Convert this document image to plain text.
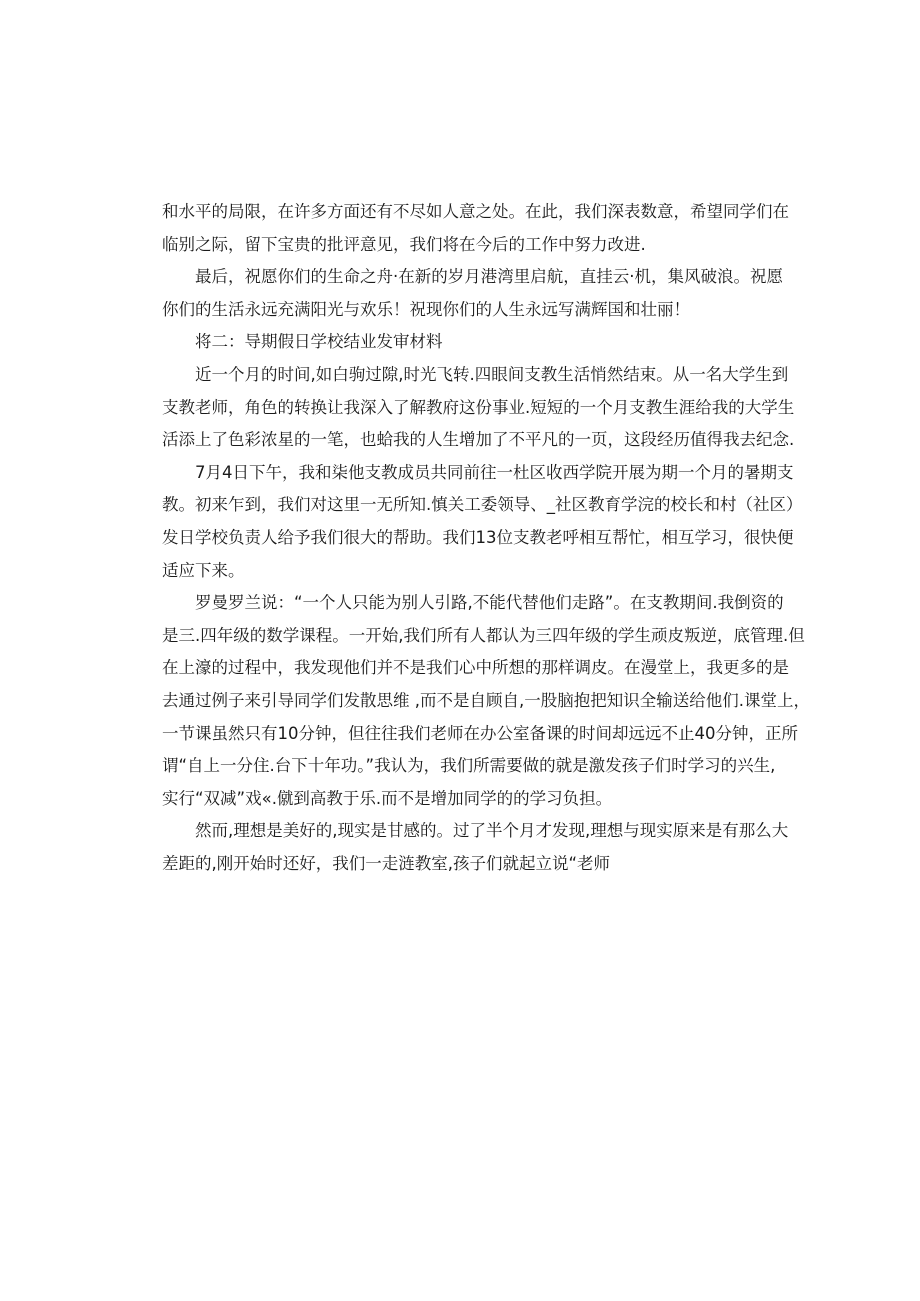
和水平的局限，在许多方面还有不尽如人意之处。在此，我们深表数意，希望同学们在

临别之际，留下宝贵的批评意见，我们将在今后的工作中努力改进.

最后，祝愿你们的生命之舟·在新的岁月港湾里启航，直挂云·机，集风破浪。祝愿

你们的生活永远充满阳光与欢乐！祝现你们的人生永远写满辉国和壮丽！

将二：导期假日学校结业发审材料

近一个月的时间,如白驹过隙,时光飞转.四眼间支教生活悄然结束。从一名大学生到

支教老师，角色的转换让我深入了解教府这份事业.短短的一个月支教生涯给我的大学生

活添上了色彩浓星的一笔，也蛤我的人生增加了不平凡的一页，这段经历值得我去纪念.

7月4日下午，我和柒他支教成员共同前往一杜区收西学院开展为期一个月的暑期支

教。初来乍到，我们对这里一无所知.慎关工委领导、_社区教育学浣的校长和村（社区）

发日学校负责人给予我们很大的帮助。我们13位支教老呼相互帮忙，相互学习，很快便

适应下来。

罗曼罗兰说：“一个人只能为别人引路,不能代替他们走路”。在支教期间.我倒资的

是三.四年级的数学课程。一开始,我们所有人都认为三四年级的学生顽皮叛逆，底管理.但

在上濠的过程中，我发现他们并不是我们心中所想的那样调皮。在漫堂上，我更多的是

去通过例子来引导同学们发散思维 ,而不是自顾自,一股脑抱把知识全输送给他们.课堂上，

一节课虽然只有10分钟，但往往我们老师在办公室备课的时间却远远不止40分钟，正所

谓“自上一分住.台下十年功。”我认为，我们所需要做的就是激发孩子们时学习的兴生,

实行“双减”戏«.僦到高教于乐.而不是增加同学的的学习负担。

然而,理想是美好的,现实是甘感的。过了半个月才发现,理想与现实原来是有那么大

差距的,刚开始时还好，我们一走涟教室,孩子们就起立说“老师
